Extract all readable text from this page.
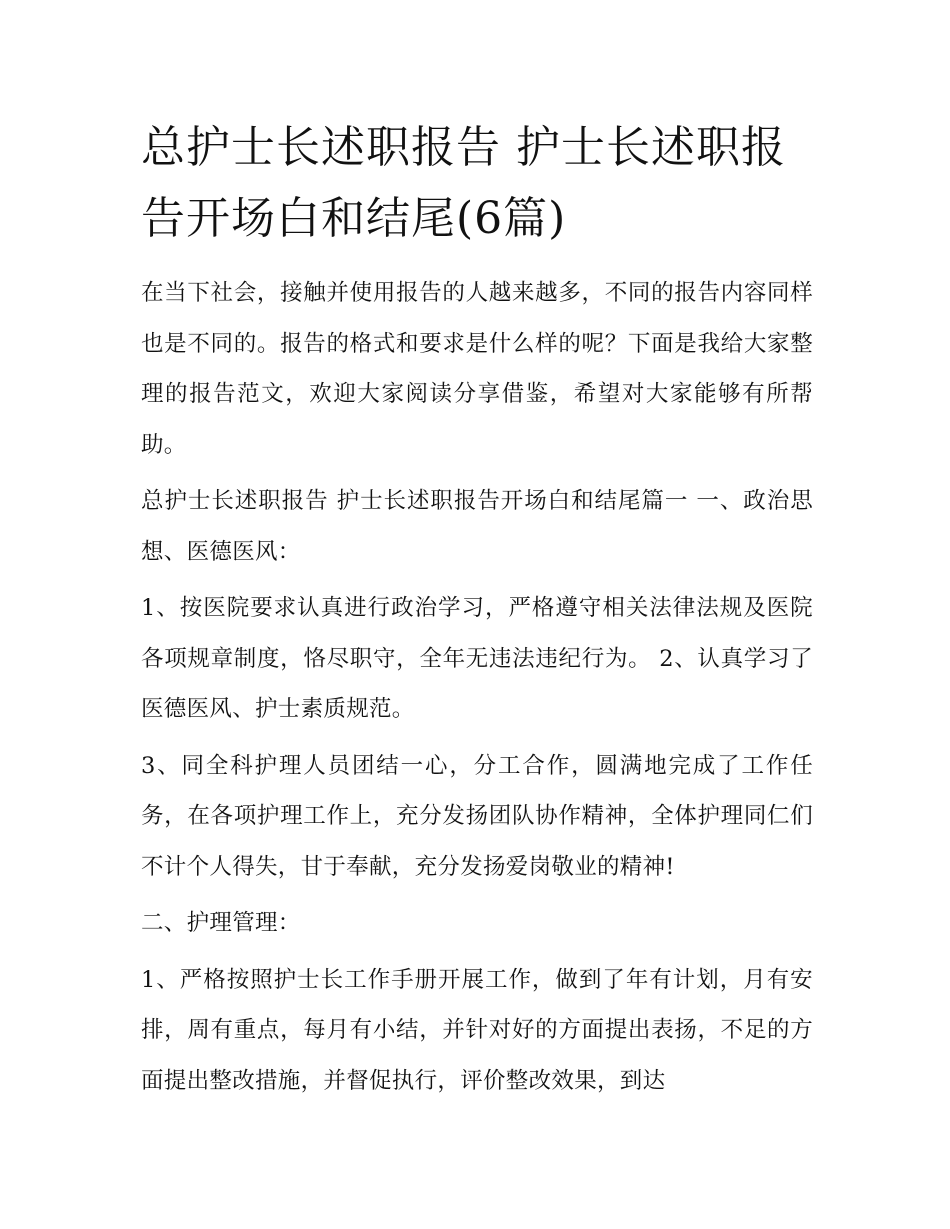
总护士长述职报告 护士长述职报告开场白和结尾(6篇)

在当下社会，接触并使用报告的人越来越多，不同的报告内容同样也是不同的。报告的格式和要求是什么样的呢？下面是我给大家整理的报告范文，欢迎大家阅读分享借鉴，希望对大家能够有所帮助。

总护士长述职报告 护士长述职报告开场白和结尾篇一 一、政治思想、医德医风：

1、按医院要求认真进行政治学习，严格遵守相关法律法规及医院各项规章制度，恪尽职守，全年无违法违纪行为。 2、认真学习了医德医风、护士素质规范。

3、同全科护理人员团结一心，分工合作，圆满地完成了工作任务，在各项护理工作上，充分发扬团队协作精神，全体护理同仁们不计个人得失，甘于奉献，充分发扬爱岗敬业的精神!

二、护理管理：

1、严格按照护士长工作手册开展工作，做到了年有计划，月有安排，周有重点，每月有小结，并针对好的方面提出表扬，不足的方面提出整改措施，并督促执行，评价整改效果，到达
